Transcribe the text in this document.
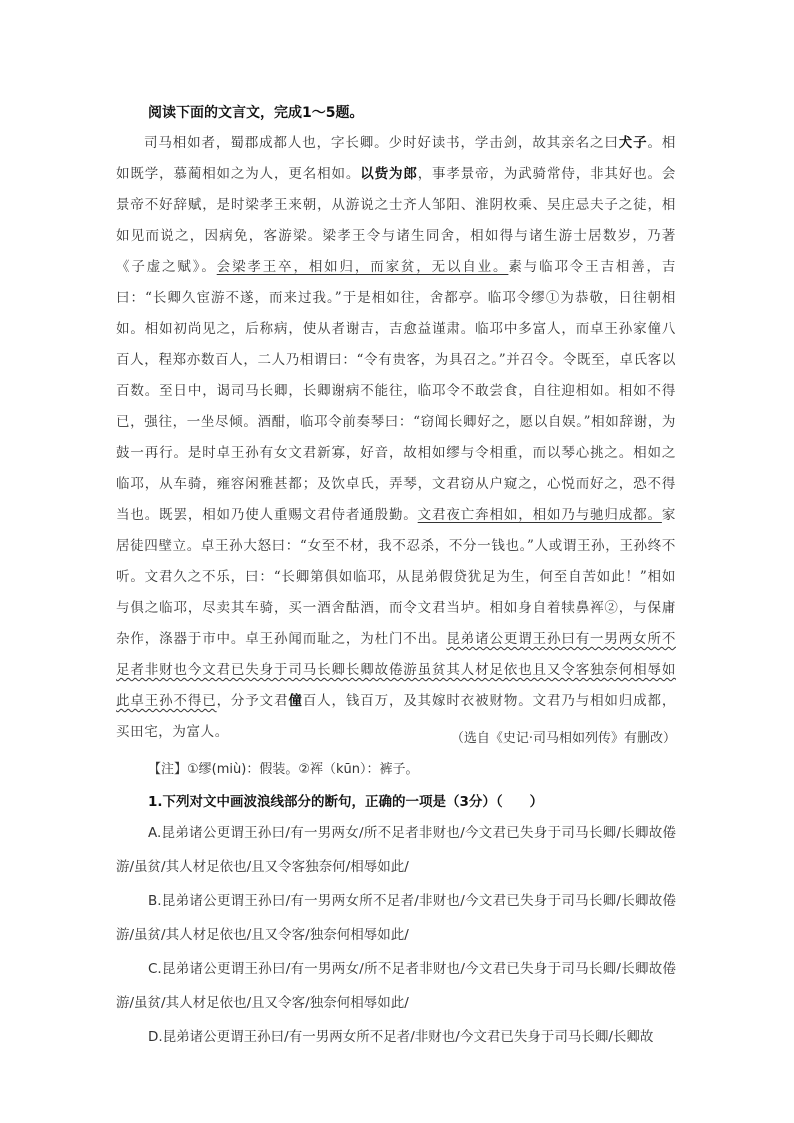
阅读下面的文言文，完成1～5题。

司马相如者，蜀郡成都人也，字长卿。少时好读书，学击剑，故其亲名之曰犬子。相如既学，慕蔺相如之为人，更名相如。以赀为郎，事孝景帝，为武骑常侍，非其好也。会景帝不好辞赋，是时梁孝王来朝，从游说之士齐人邹阳、淮阴枚乘、吴庄忌夫子之徒，相如见而说之，因病免，客游梁。梁孝王令与诸生同舍，相如得与诸生游士居数岁，乃著《子虚之赋》。会梁孝王卒，相如归，而家贫，无以自业。素与临邛令王吉相善，吉曰：“长卿久宦游不遂，而来过我。”于是相如往，舍都亭。临邛令缪①为恭敬，日往朝相如。相如初尚见之，后称病，使从者谢吉，吉愈益谨肃。临邛中多富人，而卓王孙家僮八百人，程郑亦数百人，二人乃相谓曰：“令有贵客，为具召之。”并召令。令既至，卓氏客以百数。至日中，谒司马长卿，长卿谢病不能往，临邛令不敢尝食，自往迎相如。相如不得已，强往，一坐尽倾。酒酣，临邛令前奏琴曰：“窃闻长卿好之，愿以自娱。”相如辞谢，为鼓一再行。是时卓王孙有女文君新寡，好音，故相如缪与令相重，而以琴心挑之。相如之临邛，从车骑，雍容闲雅甚都；及饮卓氏，弄琴，文君窃从户窥之，心悦而好之，恐不得当也。既罢，相如乃使人重赐文君侍者通殷勤。文君夜亡奔相如，相如乃与驰归成都。家居徒四壁立。卓王孙大怒曰：“女至不材，我不忍杀，不分一钱也。”人或谓王孙，王孙终不听。文君久之不乐，曰：“长卿第俱如临邛，从昆弟假贷犹足为生，何至自苦如此！”相如与俱之临邛，尽卖其车骑，买一酒舍酤酒，而令文君当垆。相如身自着犊鼻裈②，与保庸杂作，涤器于市中。卓王孙闻而耻之，为杜门不出。昆弟诸公更谓王孙曰有一男两女所不足者非财也今文君已失身于司马长卿长卿故倦游虽贫其人材足依也且又令客独奈何相辱如此卓王孙不得已，分予文君僮百人，钱百万，及其嫁时衣被财物。文君乃与相如归成都，买田宅，为富人。	（选自《史记·司马相如列传》有删改）
【注】①缪(miù)：假装。②裈（kūn）：裤子。
1.下列对文中画波浪线部分的断句，正确的一项是（3分）（　　）
A.昆弟诸公更谓王孙曰/有一男两女/所不足者非财也/今文君已失身于司马长卿/长卿故倦游/虽贫/其人材足依也/且又令客独奈何/相辱如此/
B.昆弟诸公更谓王孙曰/有一男两女所不足者/非财也/今文君已失身于司马长卿/长卿故倦游/虽贫/其人材足依也/且又令客/独奈何相辱如此/
C.昆弟诸公更谓王孙曰/有一男两女/所不足者非财也/今文君已失身于司马长卿/长卿故倦游/虽贫/其人材足依也/且又令客/独奈何相辱如此/
D.昆弟诸公更谓王孙曰/有一男两女所不足者/非财也/今文君已失身于司马长卿/长卿故
